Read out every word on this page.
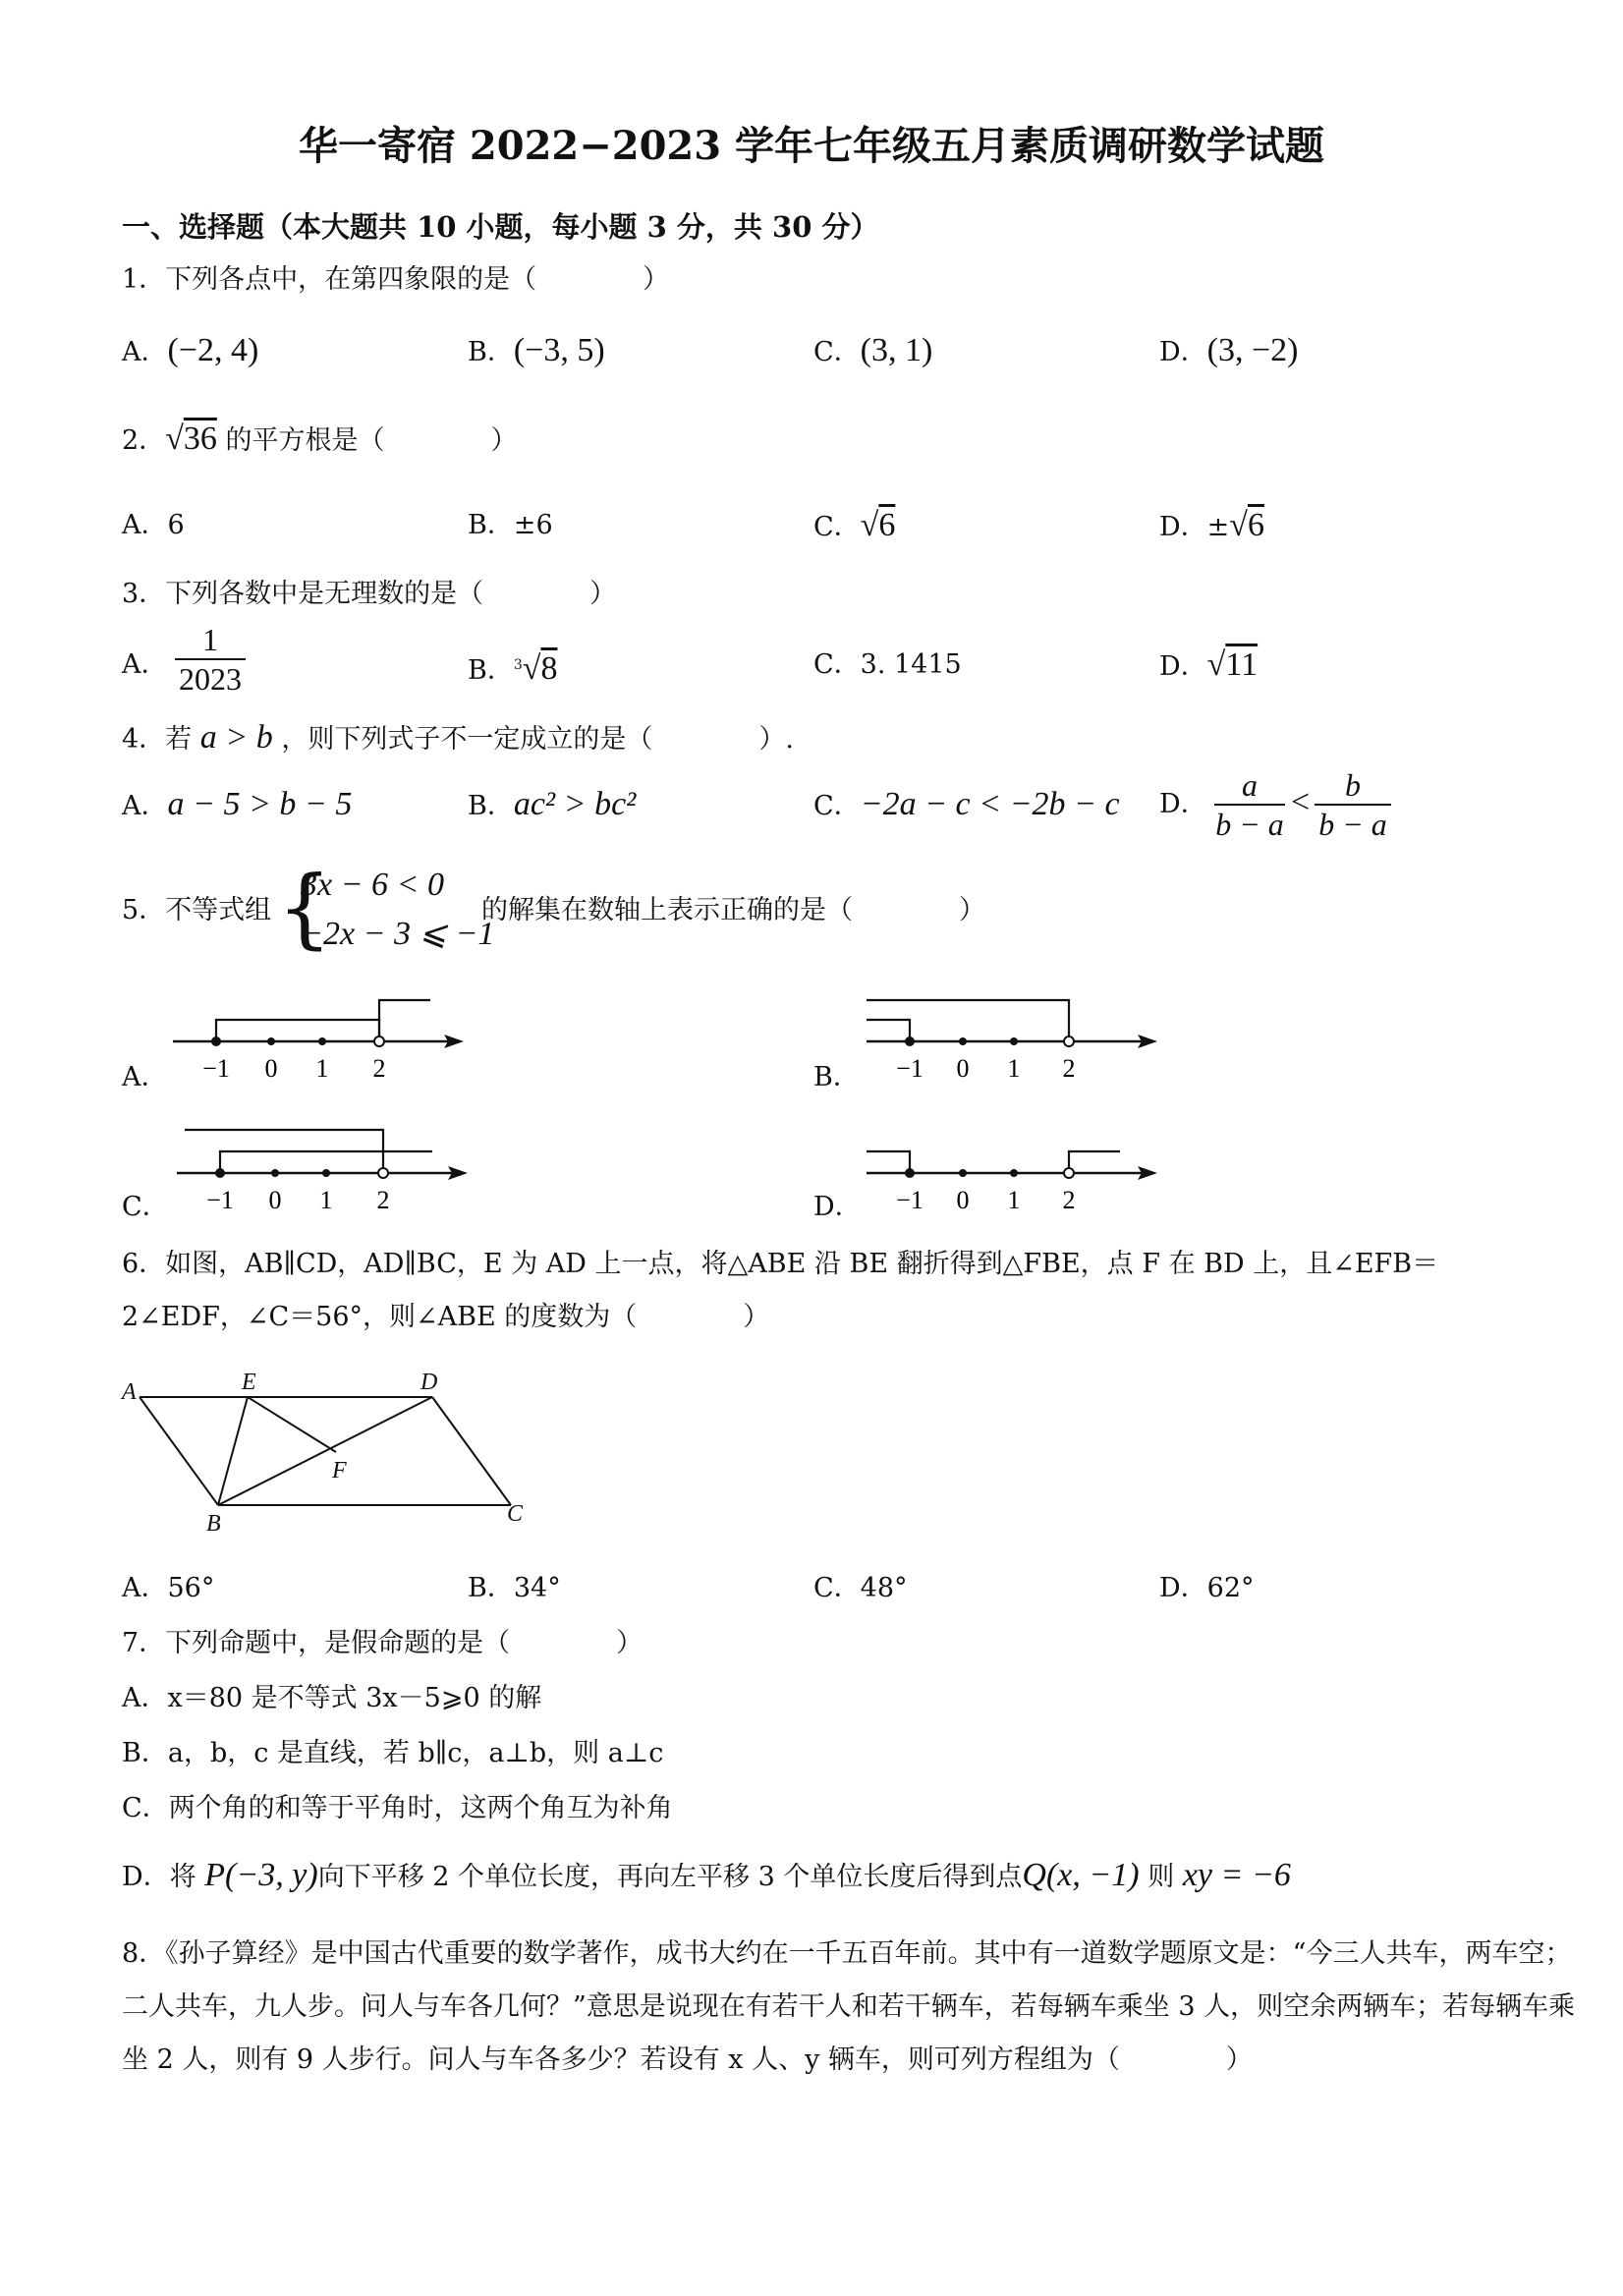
华一寄宿 2022−2023 学年七年级五月素质调研数学试题
一、选择题（本大题共 10 小题，每小题 3 分，共 30 分）
1．下列各点中，在第四象限的是（　　　　）
A．(−2, 4)	B．(−3, 5)	C．(3, 1)	D．(3, −2)
2．√36 的平方根是（　　　　）
A．6	B．±6	C．√6	D．±√6
3．下列各数中是无理数的是（　　　　）
A．
1
2023	B．$^3$√8	C．3. 1415	D．√11
4．若 a > b ，则下列式子不一定成立的是（　　　　）.
A．a − 5 > b − 5	B．ac² > bc²	C．−2a − c < −2b − c D．
a
b − a
<	b
b − a
5．不等式组 {
3x − 6 < 0
−2x − 3 ⩽ −1
的解集在数轴上表示正确的是（　　　　）
A．	B．
C．	D．
−1 0 1 2	−1 0 1 2
−1 0 1 2	−1 0 1 2
6．如图，AB∥CD，AD∥BC，E 为 AD 上一点，将△ABE 沿 BE 翻折得到△FBE，点 F 在 BD 上，且∠EFB＝
2∠EDF，∠C＝56°，则∠ABE 的度数为（　　　　）
A	E	D
F
B	C
A．56°	B．34°	C．48°	D．62°
7．下列命题中，是假命题的是（　　　　）
A．x＝80 是不等式 3x－5⩾0 的解
B．a，b，c 是直线，若 b∥c，a⊥b，则 a⊥c
C．两个角的和等于平角时，这两个角互为补角
D．将 P(−3, y)向下平移 2 个单位长度，再向左平移 3 个单位长度后得到点Q(x, −1) 则 xy = −6
8．《孙子算经》是中国古代重要的数学著作，成书大约在一千五百年前。其中有一道数学题原文是：“今三人共车，两车空；二人共车，九人步。问人与车各几何？”意思是说现在有若干人和若干辆车，若每辆车乘坐 3 人，则空余两辆车；若每辆车乘坐 2 人，则有 9 人步行。问人与车各多少？若设有 x 人、y 辆车，则可列方程组为（　　　　）
